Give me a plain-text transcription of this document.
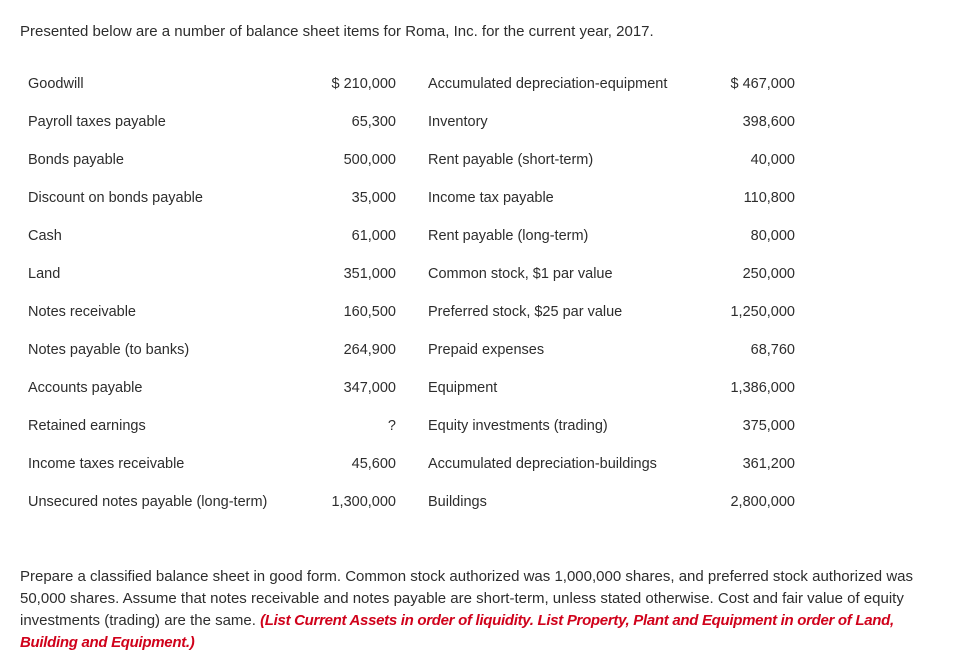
Presented below are a number of balance sheet items for Roma, Inc. for the current year, 2017.
Goodwill	$ 210,000	Accumulated depreciation-equipment	$ 467,000
Payroll taxes payable	65,300	Inventory	398,600
Bonds payable	500,000	Rent payable (short-term)	40,000
Discount on bonds payable	35,000	Income tax payable	110,800
Cash	61,000	Rent payable (long-term)	80,000
Land	351,000	Common stock, $1 par value	250,000
Notes receivable	160,500	Preferred stock, $25 par value	1,250,000
Notes payable (to banks)	264,900	Prepaid expenses	68,760
Accounts payable	347,000	Equipment	1,386,000
Retained earnings	?	Equity investments (trading)	375,000
Income taxes receivable	45,600	Accumulated depreciation-buildings	361,200
Unsecured notes payable (long-term)	1,300,000	Buildings	2,800,000
Prepare a classified balance sheet in good form. Common stock authorized was 1,000,000 shares, and preferred stock authorized was 50,000 shares. Assume that notes receivable and notes payable are short-term, unless stated otherwise. Cost and fair value of equity investments (trading) are the same. (List Current Assets in order of liquidity. List Property, Plant and Equipment in order of Land, Building and Equipment.)
